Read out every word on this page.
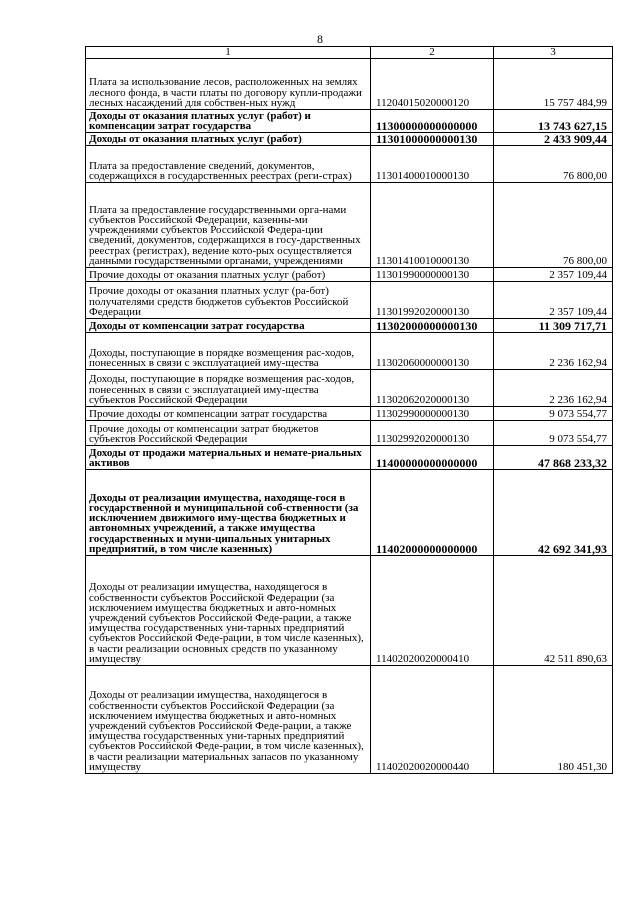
8
1	2	3
Плата за использование лесов, расположенных на землях лесного фонда, в части платы по договору купли-продажи лесных насаждений для собствен-ных нужд	11204015020000120	15 757 484,99
Доходы от оказания платных услуг (работ) и компенсации затрат государства	11300000000000000	13 743 627,15
Доходы от оказания платных услуг (работ)	11301000000000130	2 433 909,44
Плата за предоставление сведений, документов, содержащихся в государственных реестрах (реги-страх)	11301400010000130	76 800,00
Плата за предоставление государственными орга-нами субъектов Российской Федерации, казенны-ми учреждениями субъектов Российской Федера-ции сведений, документов, содержащихся в госу-дарственных реестрах (регистрах), ведение кото-рых осуществляется данными государственными органами, учреждениями	11301410010000130	76 800,00
Прочие доходы от оказания платных услуг (работ)	11301990000000130	2 357 109,44
Прочие доходы от оказания платных услуг (ра-бот) получателями средств бюджетов субъектов Российской Федерации	11301992020000130	2 357 109,44
Доходы от компенсации затрат государства	11302000000000130	11 309 717,71
Доходы, поступающие в порядке возмещения рас-ходов, понесенных в связи с эксплуатацией иму-щества	11302060000000130	2 236 162,94
Доходы, поступающие в порядке возмещения рас-ходов, понесенных в связи с эксплуатацией иму-щества субъектов Российской Федерации	11302062020000130	2 236 162,94
Прочие доходы от компенсации затрат государства	11302990000000130	9 073 554,77
Прочие доходы от компенсации затрат бюджетов субъектов Российской Федерации	11302992020000130	9 073 554,77
Доходы от продажи материальных и немате-риальных активов	11400000000000000	47 868 233,32
Доходы от реализации имущества, находяще-гося в государственной и муниципальной соб-ственности (за исключением движимого иму-щества бюджетных и автономных учреждений, а также имущества государственных и муни-ципальных унитарных предприятий, в том числе казенных)	11402000000000000	42 692 341,93
Доходы от реализации имущества, находящегося в собственности субъектов Российской Федерации (за исключением имущества бюджетных и авто-номных учреждений субъектов Российской Феде-рации, а также имущества государственных уни-тарных предприятий субъектов Российской Феде-рации, в том числе казенных), в части реализации основных средств по указанному имуществу	11402020020000410	42 511 890,63
Доходы от реализации имущества, находящегося в собственности субъектов Российской Федерации (за исключением имущества бюджетных и авто-номных учреждений субъектов Российской Феде-рации, а также имущества государственных уни-тарных предприятий субъектов Российской Феде-рации, в том числе казенных), в части реализации материальных запасов по указанному имуществу	11402020020000440	180 451,30
